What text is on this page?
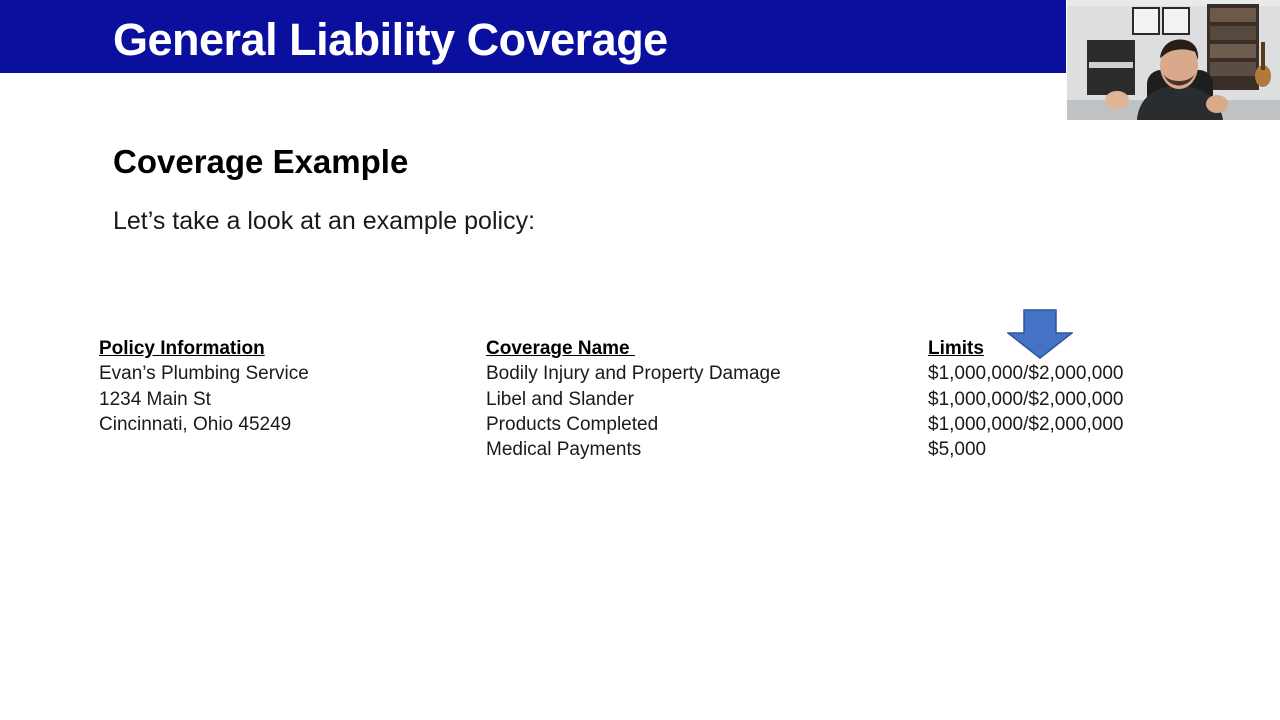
General Liability Coverage
Coverage Example

Let’s take a look at an example policy:

Policy Information
Evan’s Plumbing Service
1234 Main St
Cincinnati, Ohio 45249
Coverage Name
Bodily Injury and Property Damage
Libel and Slander
Products Completed
Medical Payments
Limits
$1,000,000/$2,000,000
$1,000,000/$2,000,000
$1,000,000/$2,000,000
$5,000
